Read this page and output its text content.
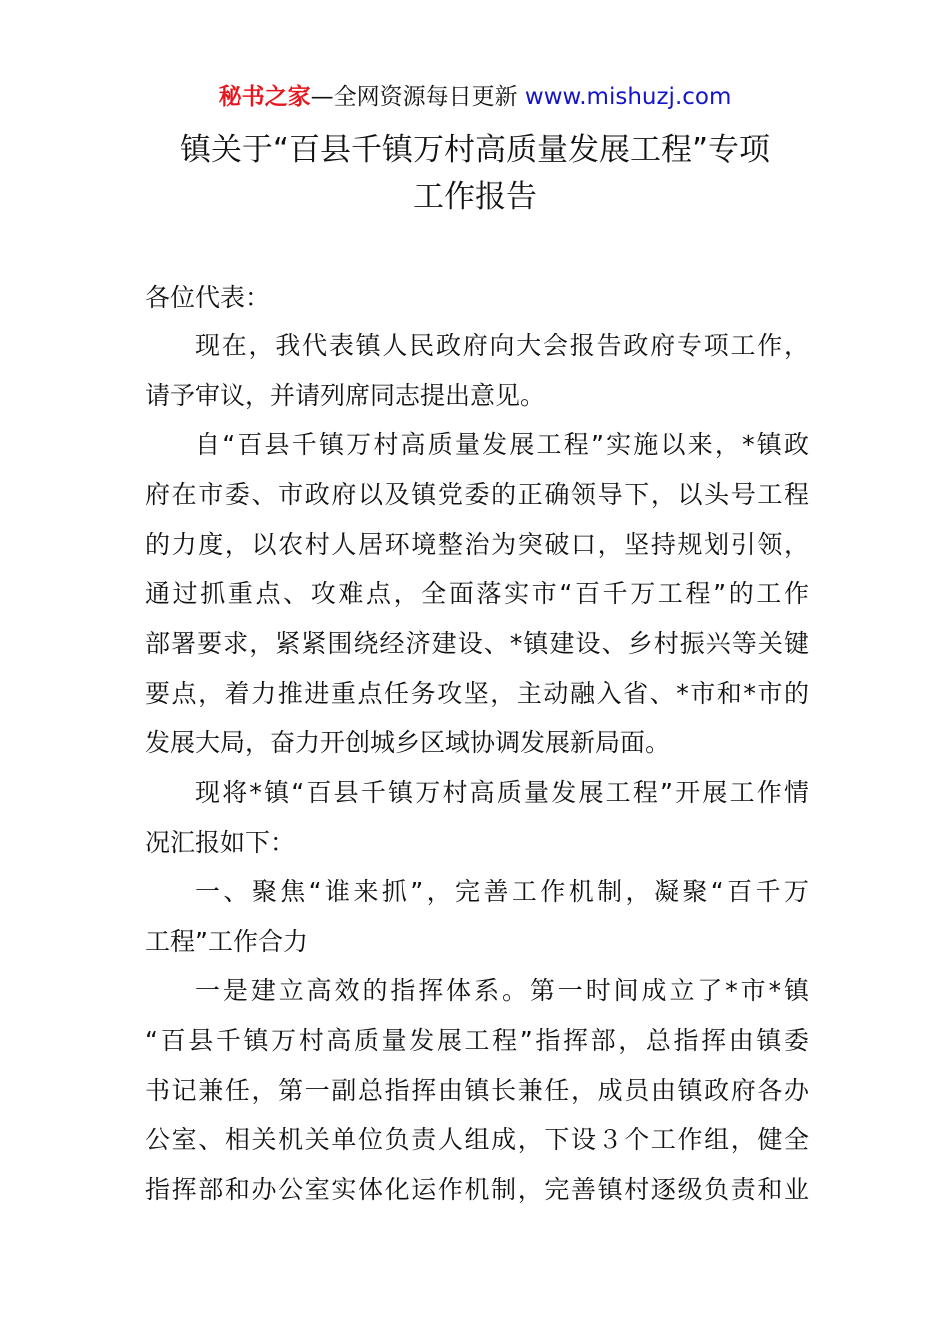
秘书之家—全网资源每日更新 www.mishuzj.com
镇关于“百县千镇万村高质量发展工程”专项
工作报告
各位代表：
现在，我代表镇人民政府向大会报告政府专项工作，
请予审议，并请列席同志提出意见。
自“百县千镇万村高质量发展工程”实施以来，*镇政
府在市委、市政府以及镇党委的正确领导下，以头号工程
的力度，以农村人居环境整治为突破口，坚持规划引领，
通过抓重点、攻难点，全面落实市“百千万工程”的工作
部署要求，紧紧围绕经济建设、*镇建设、乡村振兴等关键
要点，着力推进重点任务攻坚，主动融入省、*市和*市的
发展大局，奋力开创城乡区域协调发展新局面。
现将*镇“百县千镇万村高质量发展工程”开展工作情
况汇报如下：
一、聚焦“谁来抓”，完善工作机制，凝聚“百千万
工程”工作合力
一是建立高效的指挥体系。第一时间成立了*市*镇
“百县千镇万村高质量发展工程”指挥部，总指挥由镇委
书记兼任，第一副总指挥由镇长兼任，成员由镇政府各办
公室、相关机关单位负责人组成，下设３个工作组，健全
指挥部和办公室实体化运作机制，完善镇村逐级负责和业
